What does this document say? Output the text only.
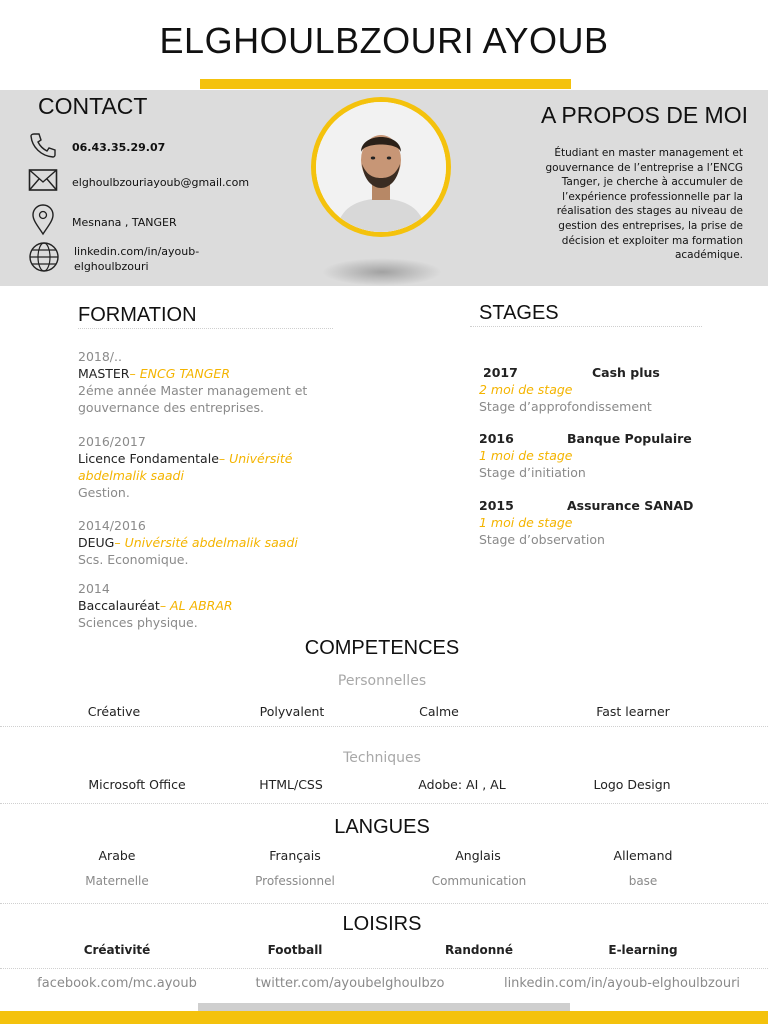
ELGHOULBZOURI AYOUB
CONTACT
06.43.35.29.07
elghoulbzouriayoub@gmail.com
Mesnana , TANGER
linkedin.com/in/ayoub-
elghoulbzouri
A PROPOS DE MOI
Étudiant en master management et gouvernance de l’entreprise a l’ENCG Tanger, je cherche à accumuler de l’expérience professionnelle par la réalisation des stages au niveau de gestion des entreprises, la prise de décision et exploiter ma formation académique.
FORMATION
2018/..
MASTER– ENCG TANGER
2éme année Master management et
gouvernance des entreprises.
2016/2017
Licence Fondamentale– Univérsité
abdelmalik saadi
Gestion.
2014/2016
DEUG– Univérsité abdelmalik saadi
Scs. Economique.
2014
Baccalauréat– AL ABRAR
Sciences physique.
STAGES
2017	Cash plus
2 moi de stage
Stage d’approfondissement
2016	Banque Populaire
1 moi de stage
Stage d’initiation
2015	Assurance SANAD
1 moi de stage
Stage d’observation
COMPETENCES
Personnelles
Créative	Polyvalent	Calme	Fast learner
Techniques
Microsoft Office	HTML/CSS	Adobe: AI , AL	Logo Design
LANGUES
Arabe	Français	Anglais	Allemand
Maternelle	Professionnel	Communication	base
LOISIRS
Créativité	Football	Randonné	E-learning
facebook.com/mc.ayoub	twitter.com/ayoubelghoulbzo	linkedin.com/in/ayoub-elghoulbzouri
